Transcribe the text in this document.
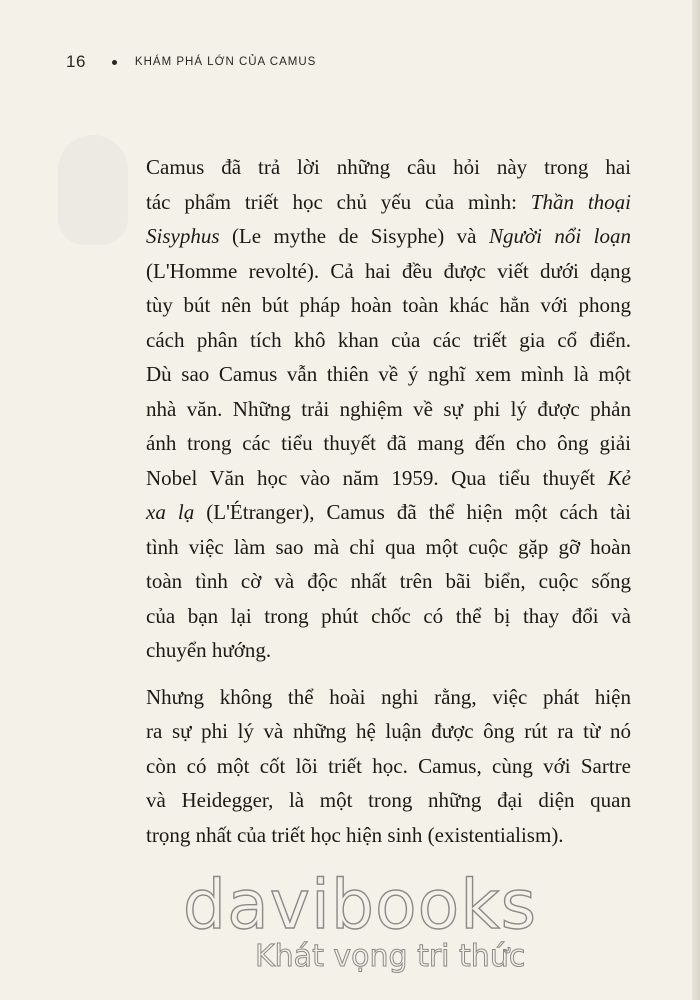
16	KHÁM PHÁ LỚN CỦA CAMUS

Camus đã trả lời những câu hỏi này trong hai
tác phẩm triết học chủ yếu của mình: Thần thoại
Sisyphus (Le mythe de Sisyphe) và Người nổi loạn
(L'Homme revolté). Cả hai đều được viết dưới dạng
tùy bút nên bút pháp hoàn toàn khác hẳn với phong
cách phân tích khô khan của các triết gia cổ điển.
Dù sao Camus vẫn thiên về ý nghĩ xem mình là một
nhà văn. Những trải nghiệm về sự phi lý được phản
ánh trong các tiểu thuyết đã mang đến cho ông giải
Nobel Văn học vào năm 1959. Qua tiểu thuyết Kẻ
xa lạ (L'Étranger), Camus đã thể hiện một cách tài
tình việc làm sao mà chỉ qua một cuộc gặp gỡ hoàn
toàn tình cờ và độc nhất trên bãi biển, cuộc sống
của bạn lại trong phút chốc có thể bị thay đổi và
chuyển hướng.

Nhưng không thể hoài nghi rằng, việc phát hiện
ra sự phi lý và những hệ luận được ông rút ra từ nó
còn có một cốt lõi triết học. Camus, cùng với Sartre
và Heidegger, là một trong những đại diện quan
trọng nhất của triết học hiện sinh (existentialism).

davibooks
Khát vọng tri thức
